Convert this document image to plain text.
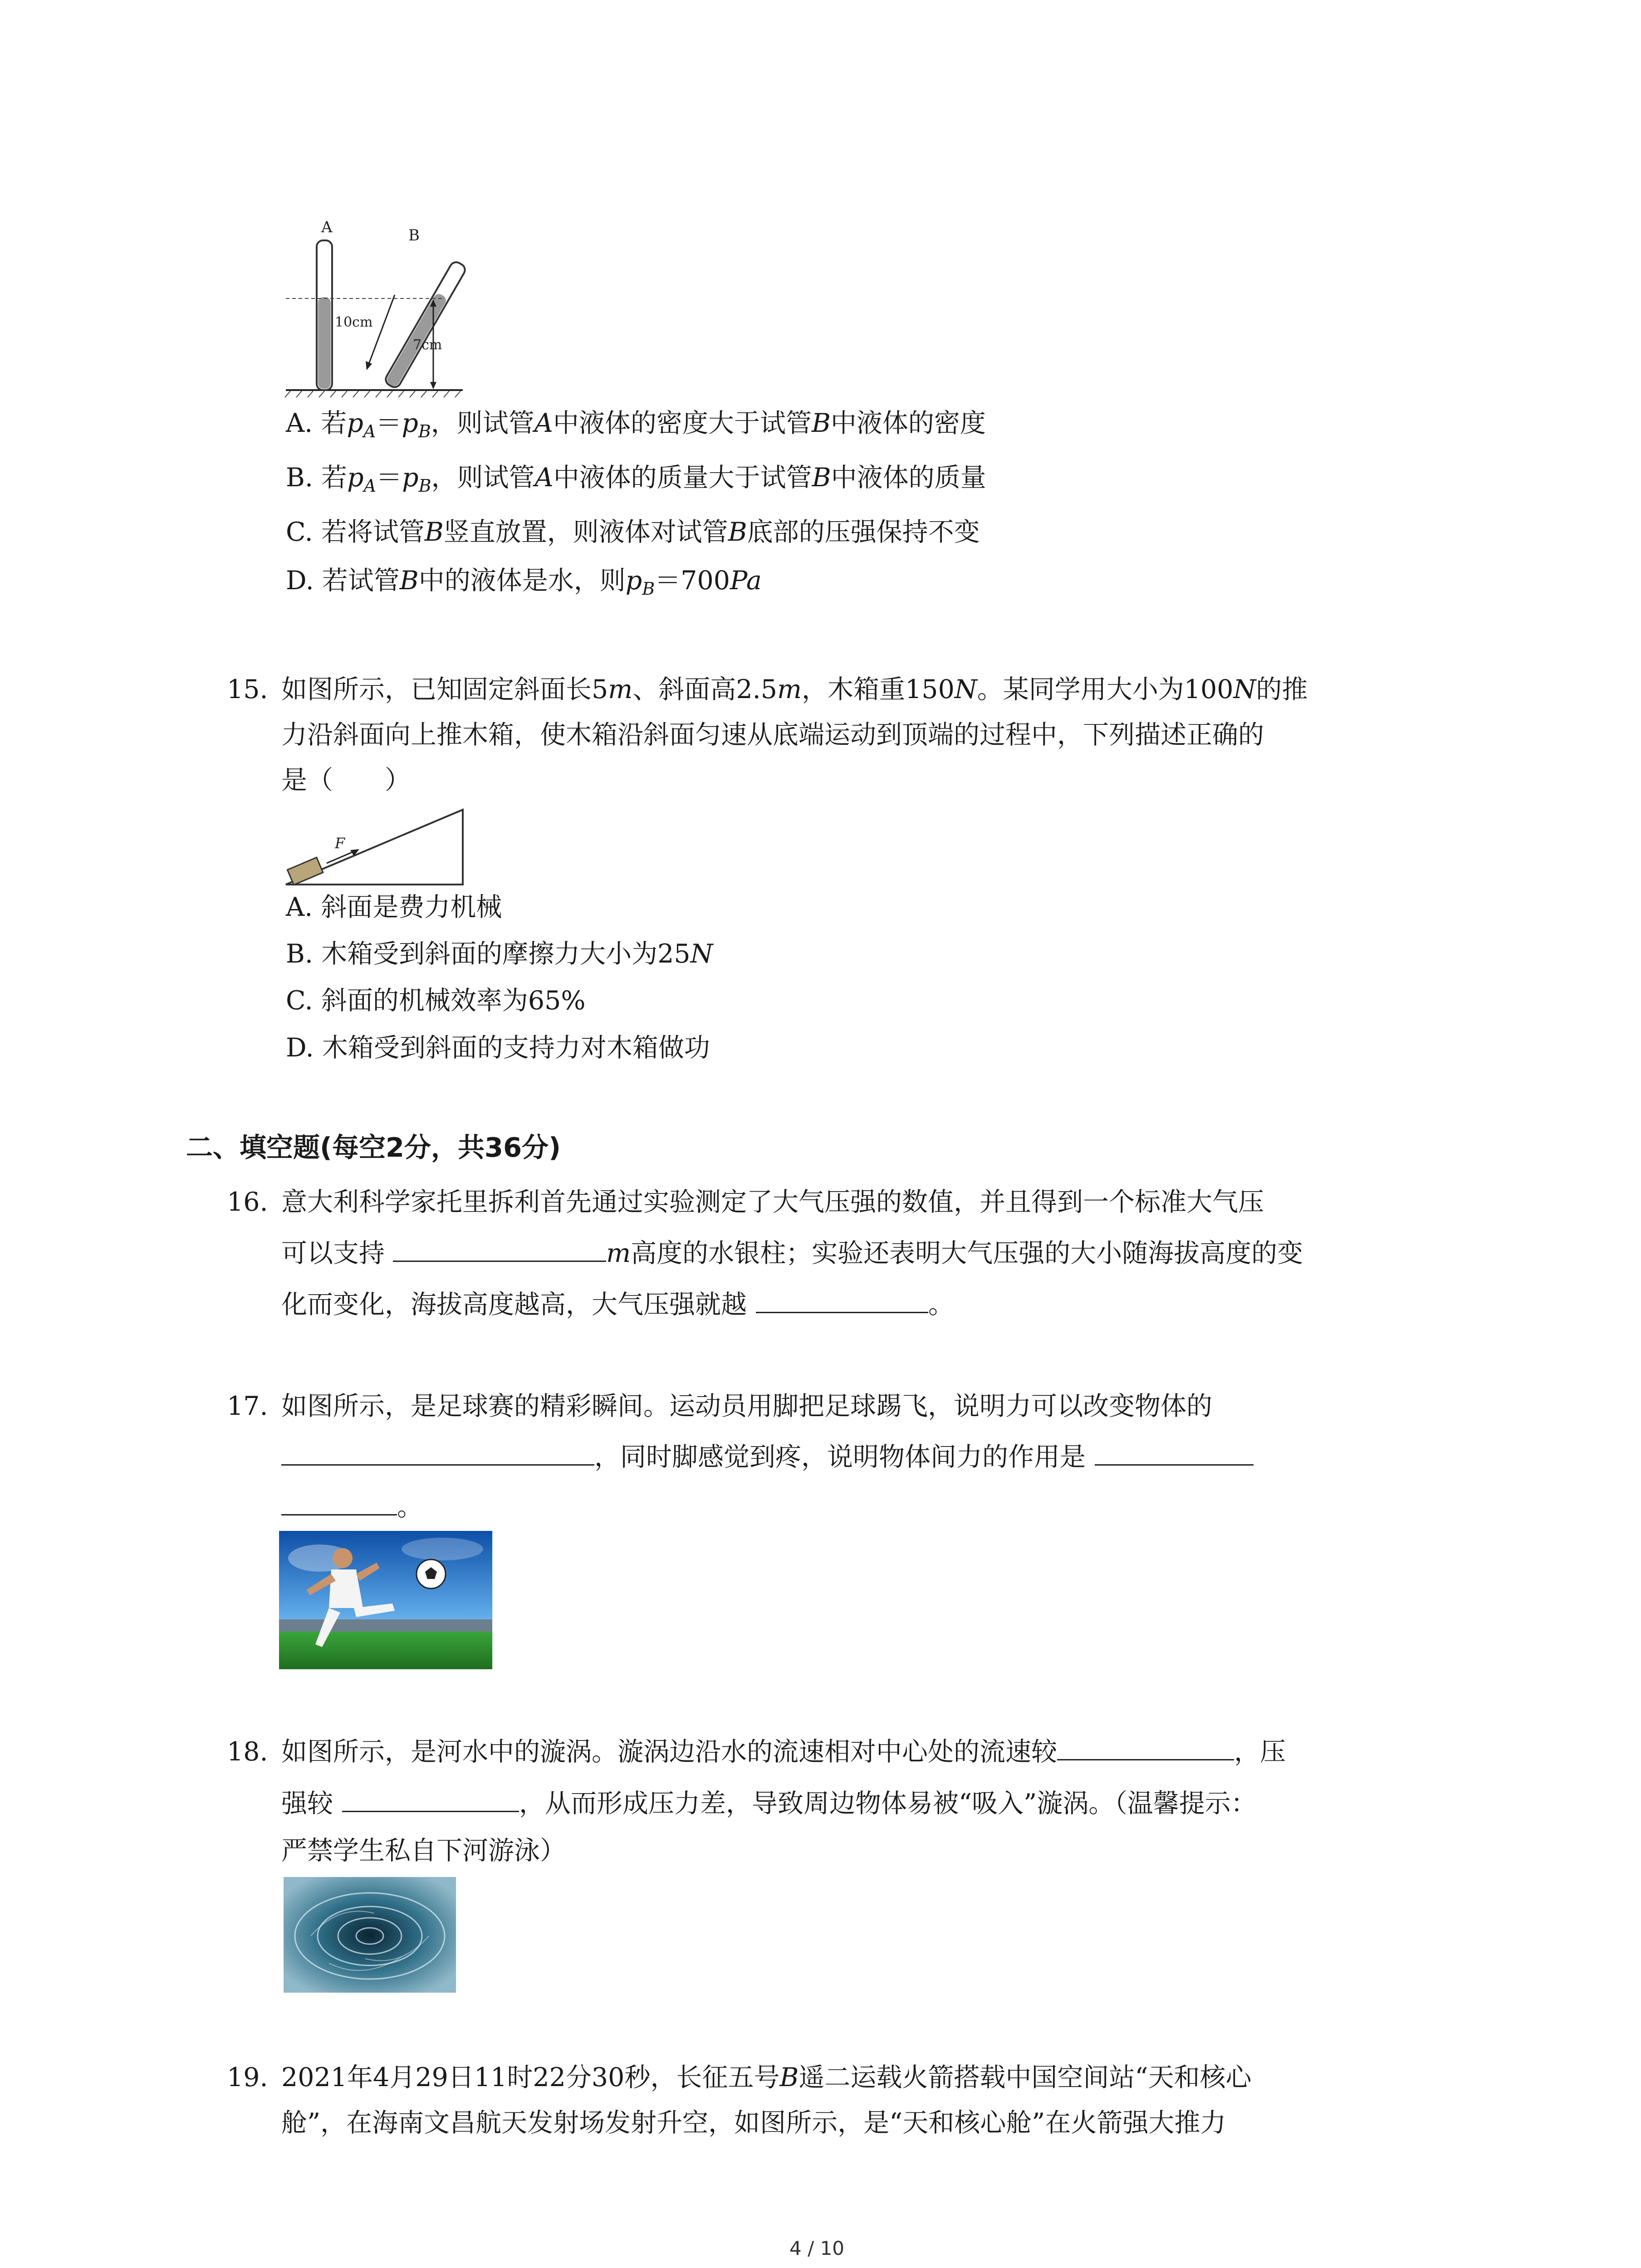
A	B
10cm
7cm
A. 若$p_A=p_B$，则试管A中液体的密度大于试管B中液体的密度
B. 若$p_A=p_B$，则试管A中液体的质量大于试管B中液体的质量
C. 若将试管B竖直放置，则液体对试管B底部的压强保持不变
D. 若试管B中的液体是水，则$p_B=700Pa$
15. 如图所示，已知固定斜面长5m、斜面高2.5m，木箱重150N。某同学用大小为100N的推
力沿斜面向上推木箱，使木箱沿斜面匀速从底端运动到顶端的过程中，下列描述正确的
是（　　）
F
A. 斜面是费力机械
B. 木箱受到斜面的摩擦力大小为25N
C. 斜面的机械效率为65%
D. 木箱受到斜面的支持力对木箱做功
二、填空题(每空2分，共36分)
16. 意大利科学家托里拆利首先通过实验测定了大气压强的数值，并且得到一个标准大气压
可以支持	m高度的水银柱；实验还表明大气压强的大小随海拔高度的变
化而变化，海拔高度越高，大气压强就越	。
17. 如图所示，是足球赛的精彩瞬间。运动员用脚把足球踢飞，说明力可以改变物体的
，同时脚感觉到疼，说明物体间力的作用是
。
18. 如图所示，是河水中的漩涡。漩涡边沿水的流速相对中心处的流速较	，压
强较	，从而形成压力差，导致周边物体易被“吸入”漩涡。（温馨提示：
严禁学生私自下河游泳）
19. 2021年4月29日11时22分30秒，长征五号B遥二运载火箭搭载中国空间站“天和核心
舱”，在海南文昌航天发射场发射升空，如图所示，是“天和核心舱”在火箭强大推力
4 / 10
